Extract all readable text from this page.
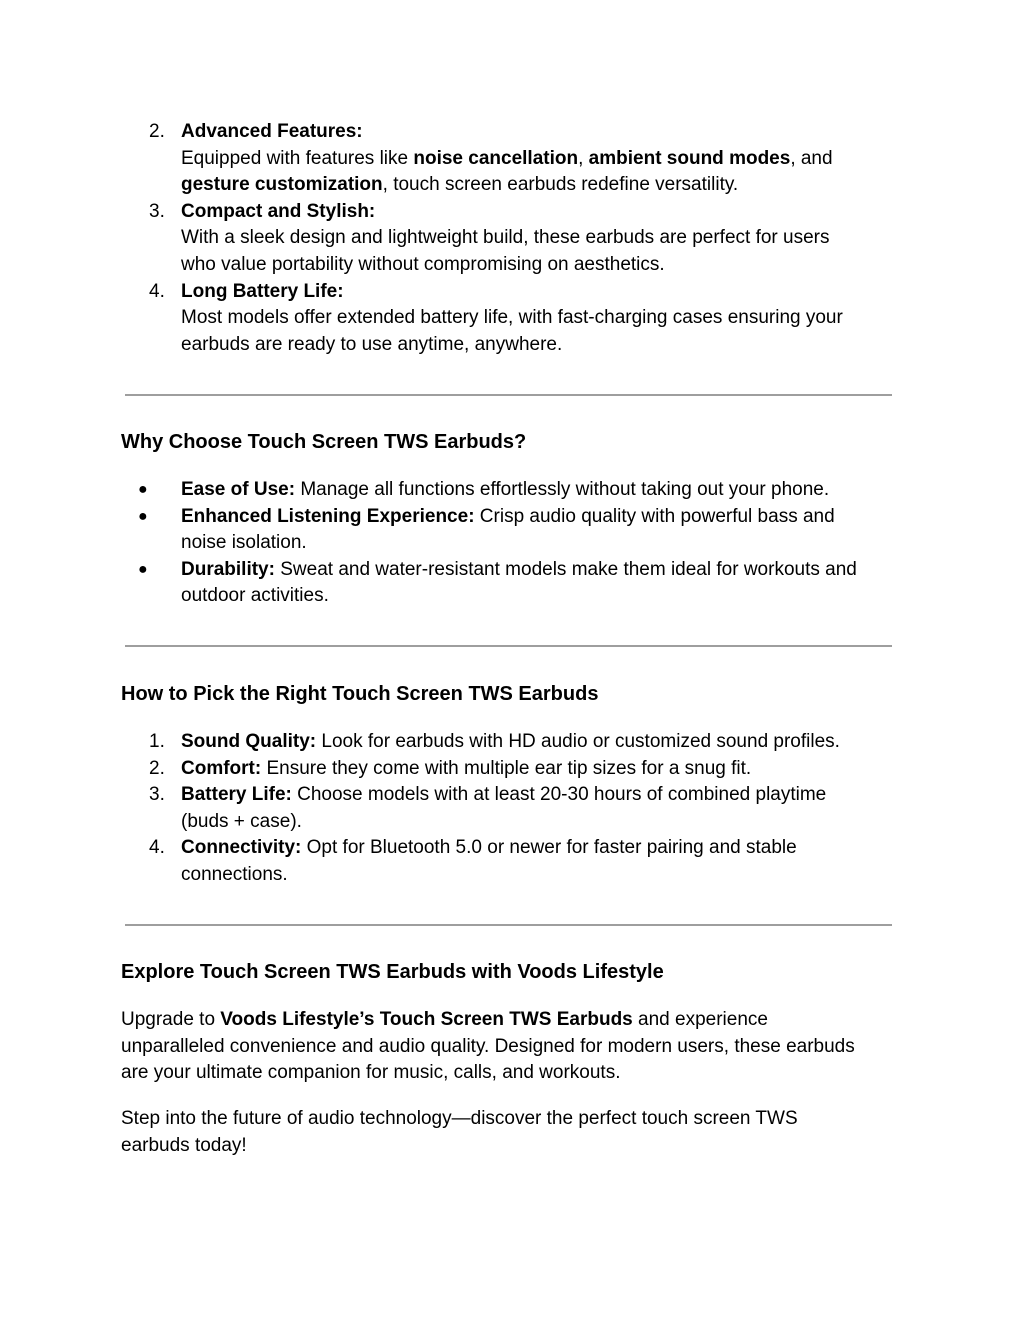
2. Advanced Features:
Equipped with features like noise cancellation, ambient sound modes, and
gesture customization, touch screen earbuds redefine versatility.
3. Compact and Stylish:
With a sleek design and lightweight build, these earbuds are perfect for users
who value portability without compromising on aesthetics.
4. Long Battery Life:
Most models offer extended battery life, with fast-charging cases ensuring your
earbuds are ready to use anytime, anywhere.
Why Choose Touch Screen TWS Earbuds?
● Ease of Use: Manage all functions effortlessly without taking out your phone.
● Enhanced Listening Experience: Crisp audio quality with powerful bass and
noise isolation.
● Durability: Sweat and water-resistant models make them ideal for workouts and
outdoor activities.
How to Pick the Right Touch Screen TWS Earbuds
1. Sound Quality: Look for earbuds with HD audio or customized sound profiles.
2. Comfort: Ensure they come with multiple ear tip sizes for a snug fit.
3. Battery Life: Choose models with at least 20-30 hours of combined playtime
(buds + case).
4. Connectivity: Opt for Bluetooth 5.0 or newer for faster pairing and stable
connections.
Explore Touch Screen TWS Earbuds with Voods Lifestyle
Upgrade to Voods Lifestyle’s Touch Screen TWS Earbuds and experience
unparalleled convenience and audio quality. Designed for modern users, these earbuds
are your ultimate companion for music, calls, and workouts.
Step into the future of audio technology—discover the perfect touch screen TWS
earbuds today!
